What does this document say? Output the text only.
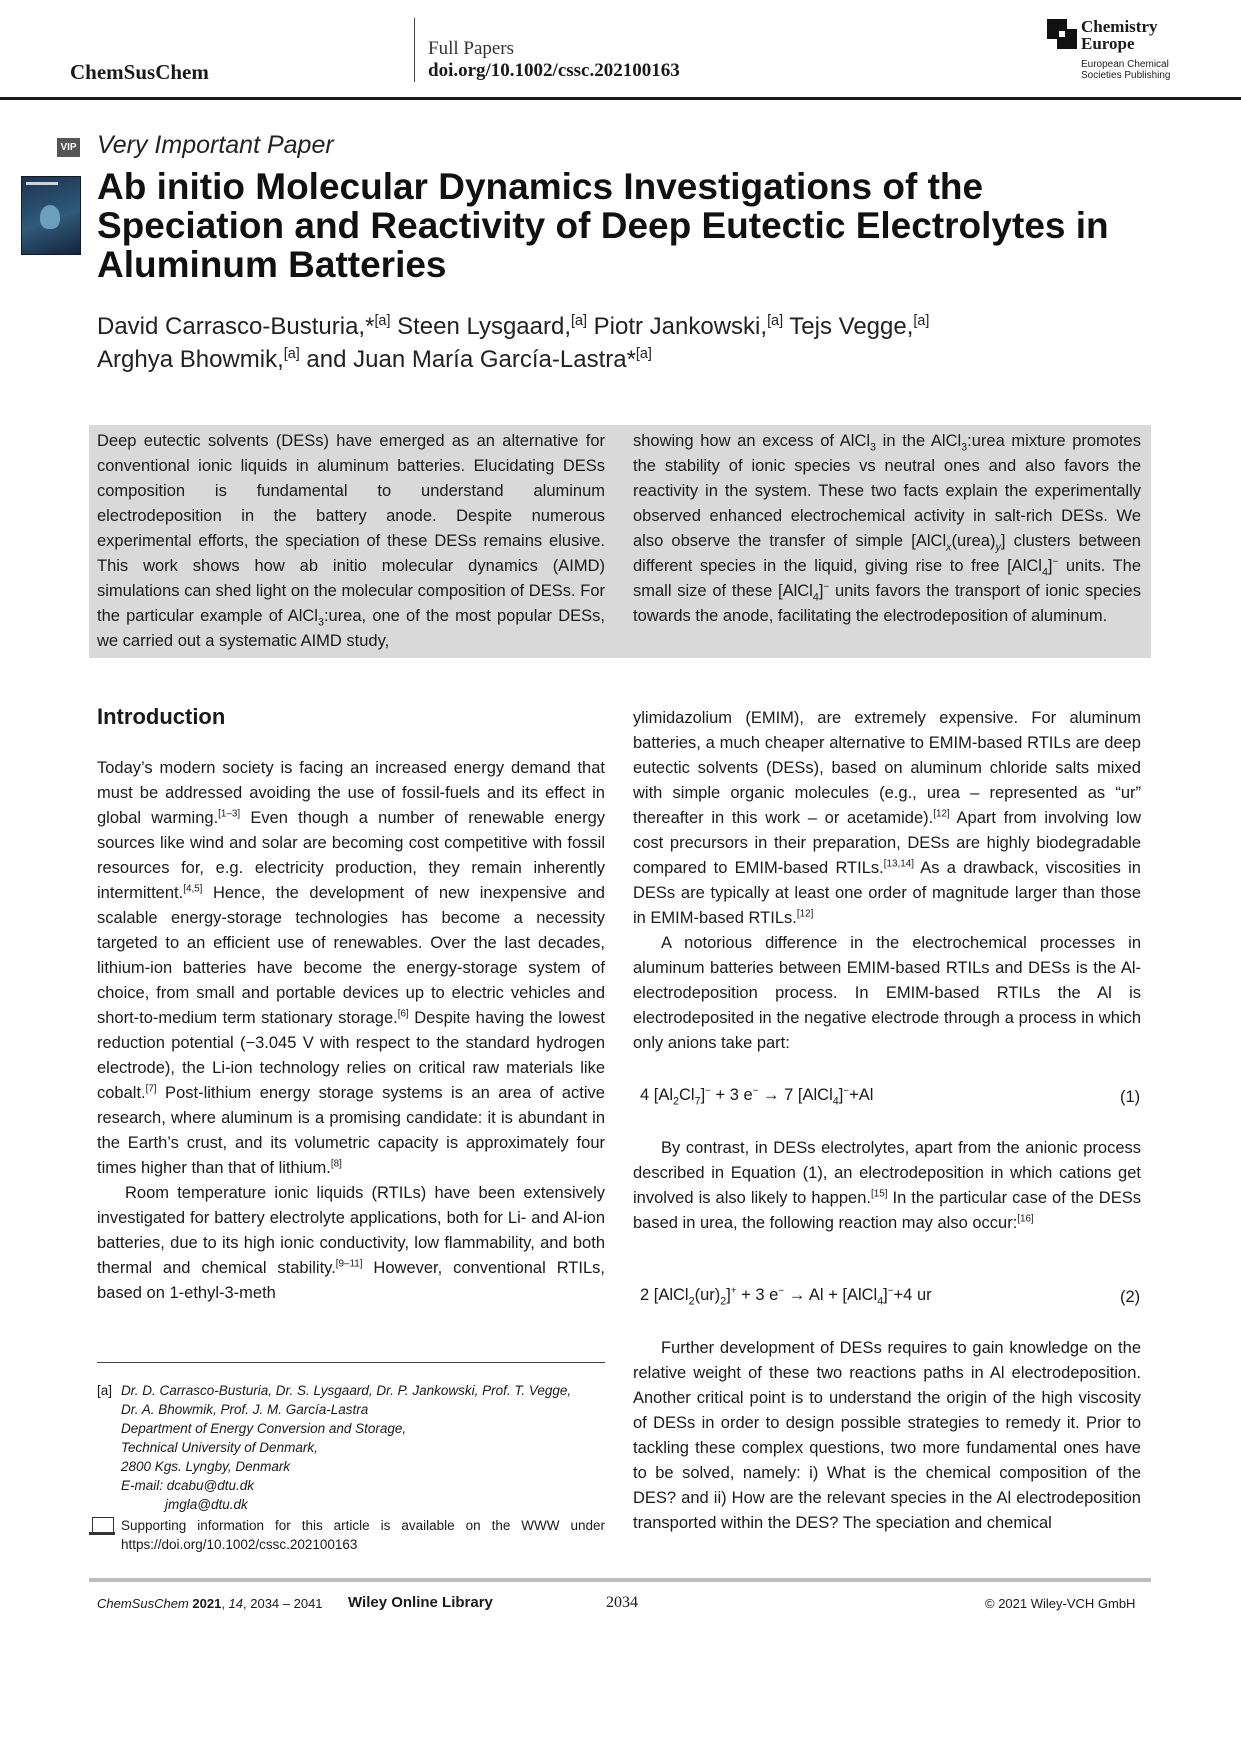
ChemSusChem
Full Papers
doi.org/10.1002/cssc.202100163
Chemistry Europe
European Chemical Societies Publishing
VIP Very Important Paper
Ab initio Molecular Dynamics Investigations of the Speciation and Reactivity of Deep Eutectic Electrolytes in Aluminum Batteries
David Carrasco-Busturia,*[a] Steen Lysgaard,[a] Piotr Jankowski,[a] Tejs Vegge,[a]
Arghya Bhowmik,[a] and Juan María García-Lastra*[a]
Deep eutectic solvents (DESs) have emerged as an alternative for conventional ionic liquids in aluminum batteries. Elucidating DESs composition is fundamental to understand aluminum electrodeposition in the battery anode. Despite numerous experimental efforts, the speciation of these DESs remains elusive. This work shows how ab initio molecular dynamics (AIMD) simulations can shed light on the molecular composition of DESs. For the particular example of AlCl$_3$:urea, one of the most popular DESs, we carried out a systematic AIMD study,
showing how an excess of AlCl$_3$ in the AlCl$_3$:urea mixture promotes the stability of ionic species vs neutral ones and also favors the reactivity in the system. These two facts explain the experimentally observed enhanced electrochemical activity in salt-rich DESs. We also observe the transfer of simple $[AlCl_x(urea)_y]$ clusters between different species in the liquid, giving rise to free [AlCl$_4$]− units. The small size of these [AlCl$_4$]− units favors the transport of ionic species towards the anode, facilitating the electrodeposition of aluminum.
Introduction

Today’s modern society is facing an increased energy demand that must be addressed avoiding the use of fossil-fuels and its effect in global warming.[1–3] Even though a number of renewable energy sources like wind and solar are becoming cost competitive with fossil resources for, e.g. electricity production, they remain inherently intermittent.[4,5] Hence, the development of new inexpensive and scalable energy-storage technologies has become a necessity targeted to an efficient use of renewables. Over the last decades, lithium-ion batteries have become the energy-storage system of choice, from small and portable devices up to electric vehicles and short-to-medium term stationary storage.[6] Despite having the lowest reduction potential (−3.045 V with respect to the standard hydrogen electrode), the Li-ion technology relies on critical raw materials like cobalt.[7] Post-lithium energy storage systems is an area of active research, where aluminum is a promising candidate: it is abundant in the Earth’s crust, and its volumetric capacity is approximately four times higher than that of lithium.[8]

Room temperature ionic liquids (RTILs) have been extensively investigated for battery electrolyte applications, both for Li- and Al-ion batteries, due to its high ionic conductivity, low flammability, and both thermal and chemical stability.[9–11] However, conventional RTILs, based on 1-ethyl-3-meth

ylimidazolium (EMIM), are extremely expensive. For aluminum batteries, a much cheaper alternative to EMIM-based RTILs are deep eutectic solvents (DESs), based on aluminum chloride salts mixed with simple organic molecules (e.g., urea – represented as “ur” thereafter in this work – or acetamide).[12] Apart from involving low cost precursors in their preparation, DESs are highly biodegradable compared to EMIM-based RTILs.[13,14] As a drawback, viscosities in DESs are typically at least one order of magnitude larger than those in EMIM-based RTILs.[12]

A notorious difference in the electrochemical processes in aluminum batteries between EMIM-based RTILs and DESs is the Al-electrodeposition process. In EMIM-based RTILs the Al is electrodeposited in the negative electrode through a process in which only anions take part:

4 $[Al_2Cl_7]^- + 3$ e− → 7 [AlCl$_4$]−+Al	(1)
By contrast, in DESs electrolytes, apart from the anionic process described in Equation (1), an electrodeposition in which cations get involved is also likely to happen.[15] In the particular case of the DESs based in urea, the following reaction may also occur:[16]
2 $[AlCl_2(ur)_2]^+ + 3$ e− → Al + [AlCl$_4$]−+4 ur	(2)
Further development of DESs requires to gain knowledge on the relative weight of these two reactions paths in Al electrodeposition. Another critical point is to understand the origin of the high viscosity of DESs in order to design possible strategies to remedy it. Prior to tackling these complex questions, two more fundamental ones have to be solved, namely: i) What is the chemical composition of the DES? and ii) How are the relevant species in the Al electrodeposition transported within the DES? The speciation and chemical
[a] Dr. D. Carrasco-Busturia, Dr. S. Lysgaard, Dr. P. Jankowski, Prof. T. Vegge,
Dr. A. Bhowmik, Prof. J. M. García-Lastra
Department of Energy Conversion and Storage,
Technical University of Denmark,
2800 Kgs. Lyngby, Denmark
E-mail: dcabu@dtu.dk
jmgla@dtu.dk
Supporting information for this article is available on the WWW under https://doi.org/10.1002/cssc.202100163
ChemSusChem 2021, 14, 2034 – 2041 Wiley Online Library	2034	© 2021 Wiley-VCH GmbH
